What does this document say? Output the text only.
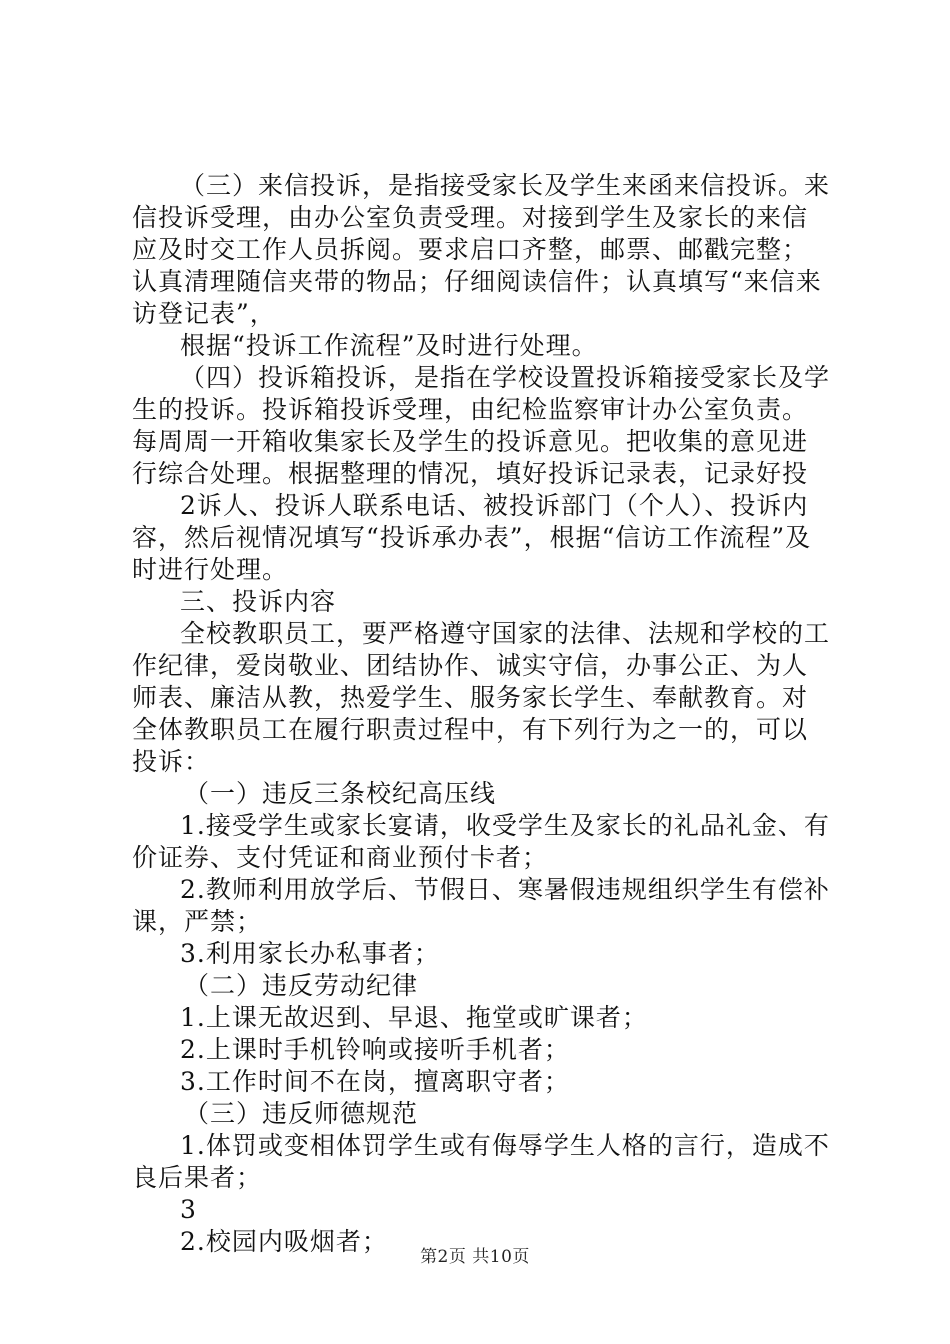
（三）来信投诉，是指接受家长及学生来函来信投诉。来信投诉受理，由办公室负责受理。对接到学生及家长的来信应及时交工作人员拆阅。要求启口齐整，邮票、邮戳完整；认真清理随信夹带的物品；仔细阅读信件；认真填写“来信来访登记表”，

根据“投诉工作流程”及时进行处理。

（四）投诉箱投诉，是指在学校设置投诉箱接受家长及学生的投诉。投诉箱投诉受理，由纪检监察审计办公室负责。每周周一开箱收集家长及学生的投诉意见。把收集的意见进行综合处理。根据整理的情况，填好投诉记录表，记录好投

2诉人、投诉人联系电话、被投诉部门（个人）、投诉内容，然后视情况填写“投诉承办表”，根据“信访工作流程”及时进行处理。

三、投诉内容

全校教职员工，要严格遵守国家的法律、法规和学校的工作纪律，爱岗敬业、团结协作、诚实守信，办事公正、为人师表、廉洁从教，热爱学生、服务家长学生、奉献教育。对全体教职员工在履行职责过程中，有下列行为之一的，可以投诉：

（一）违反三条校纪高压线

1.接受学生或家长宴请，收受学生及家长的礼品礼金、有价证券、支付凭证和商业预付卡者；

2.教师利用放学后、节假日、寒暑假违规组织学生有偿补课，严禁；

3.利用家长办私事者；

（二）违反劳动纪律

1.上课无故迟到、早退、拖堂或旷课者；

2.上课时手机铃响或接听手机者；

3.工作时间不在岗，擅离职守者；

（三）违反师德规范

1.体罚或变相体罚学生或有侮辱学生人格的言行，造成不良后果者；

3

2.校园内吸烟者；

第2页 共10页
